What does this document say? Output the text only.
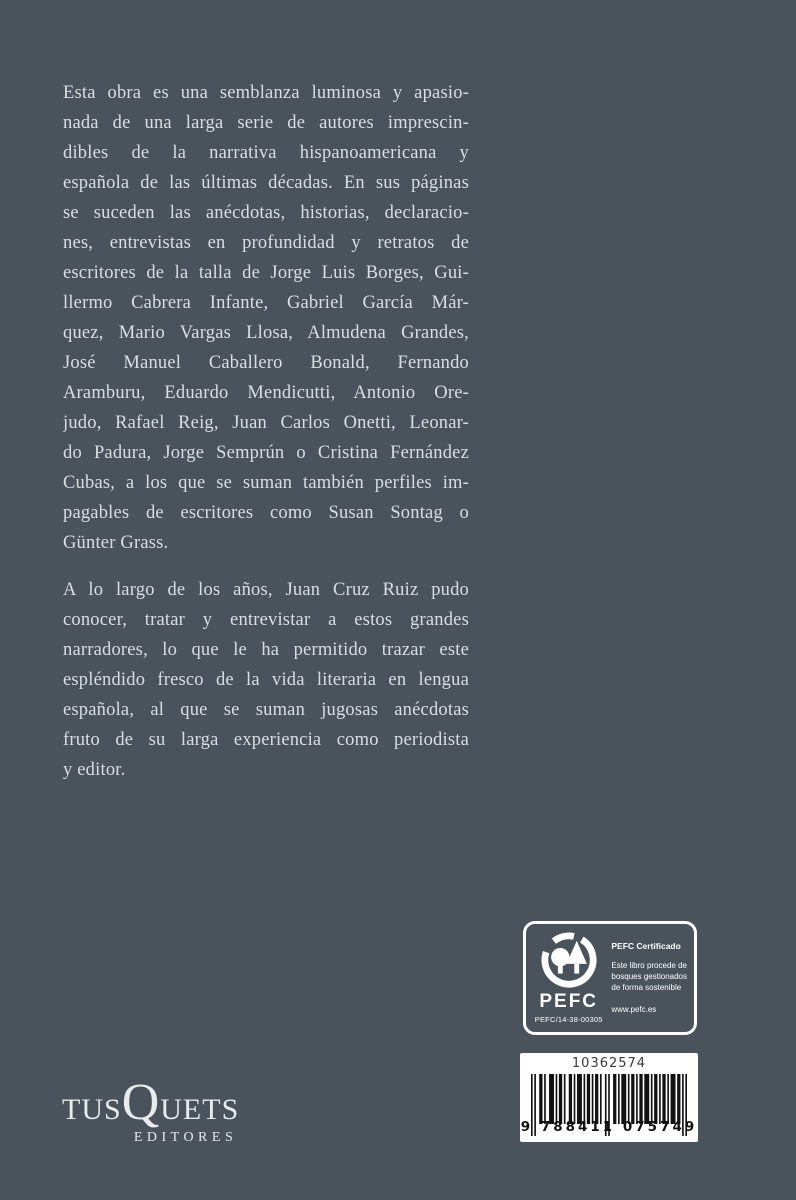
Esta obra es una semblanza luminosa y apasio-
nada de una larga serie de autores imprescin-
dibles de la narrativa hispanoamericana y
española de las últimas décadas. En sus páginas
se suceden las anécdotas, historias, declaracio-
nes, entrevistas en profundidad y retratos de
escritores de la talla de Jorge Luis Borges, Gui-
llermo Cabrera Infante, Gabriel García Már-
quez, Mario Vargas Llosa, Almudena Grandes,
José Manuel Caballero Bonald, Fernando
Aramburu, Eduardo Mendicutti, Antonio Ore-
judo, Rafael Reig, Juan Carlos Onetti, Leonar-
do Padura, Jorge Semprún o Cristina Fernández
Cubas, a los que se suman también perfiles im-
pagables de escritores como Susan Sontag o
Günter Grass.
A lo largo de los años, Juan Cruz Ruiz pudo
conocer, tratar y entrevistar a estos grandes
narradores, lo que le ha permitido trazar este
espléndido fresco de la vida literaria en lengua
española, al que se suman jugosas anécdotas
fruto de su larga experiencia como periodista
y editor.
PEFC
PEFC/14-38-00305
PEFC Certificado
Este libro procede de
bosques gestionados
de forma sostenible
www.pefc.es
10362574
9 788411 075749
TUSQUETS
EDITORES
